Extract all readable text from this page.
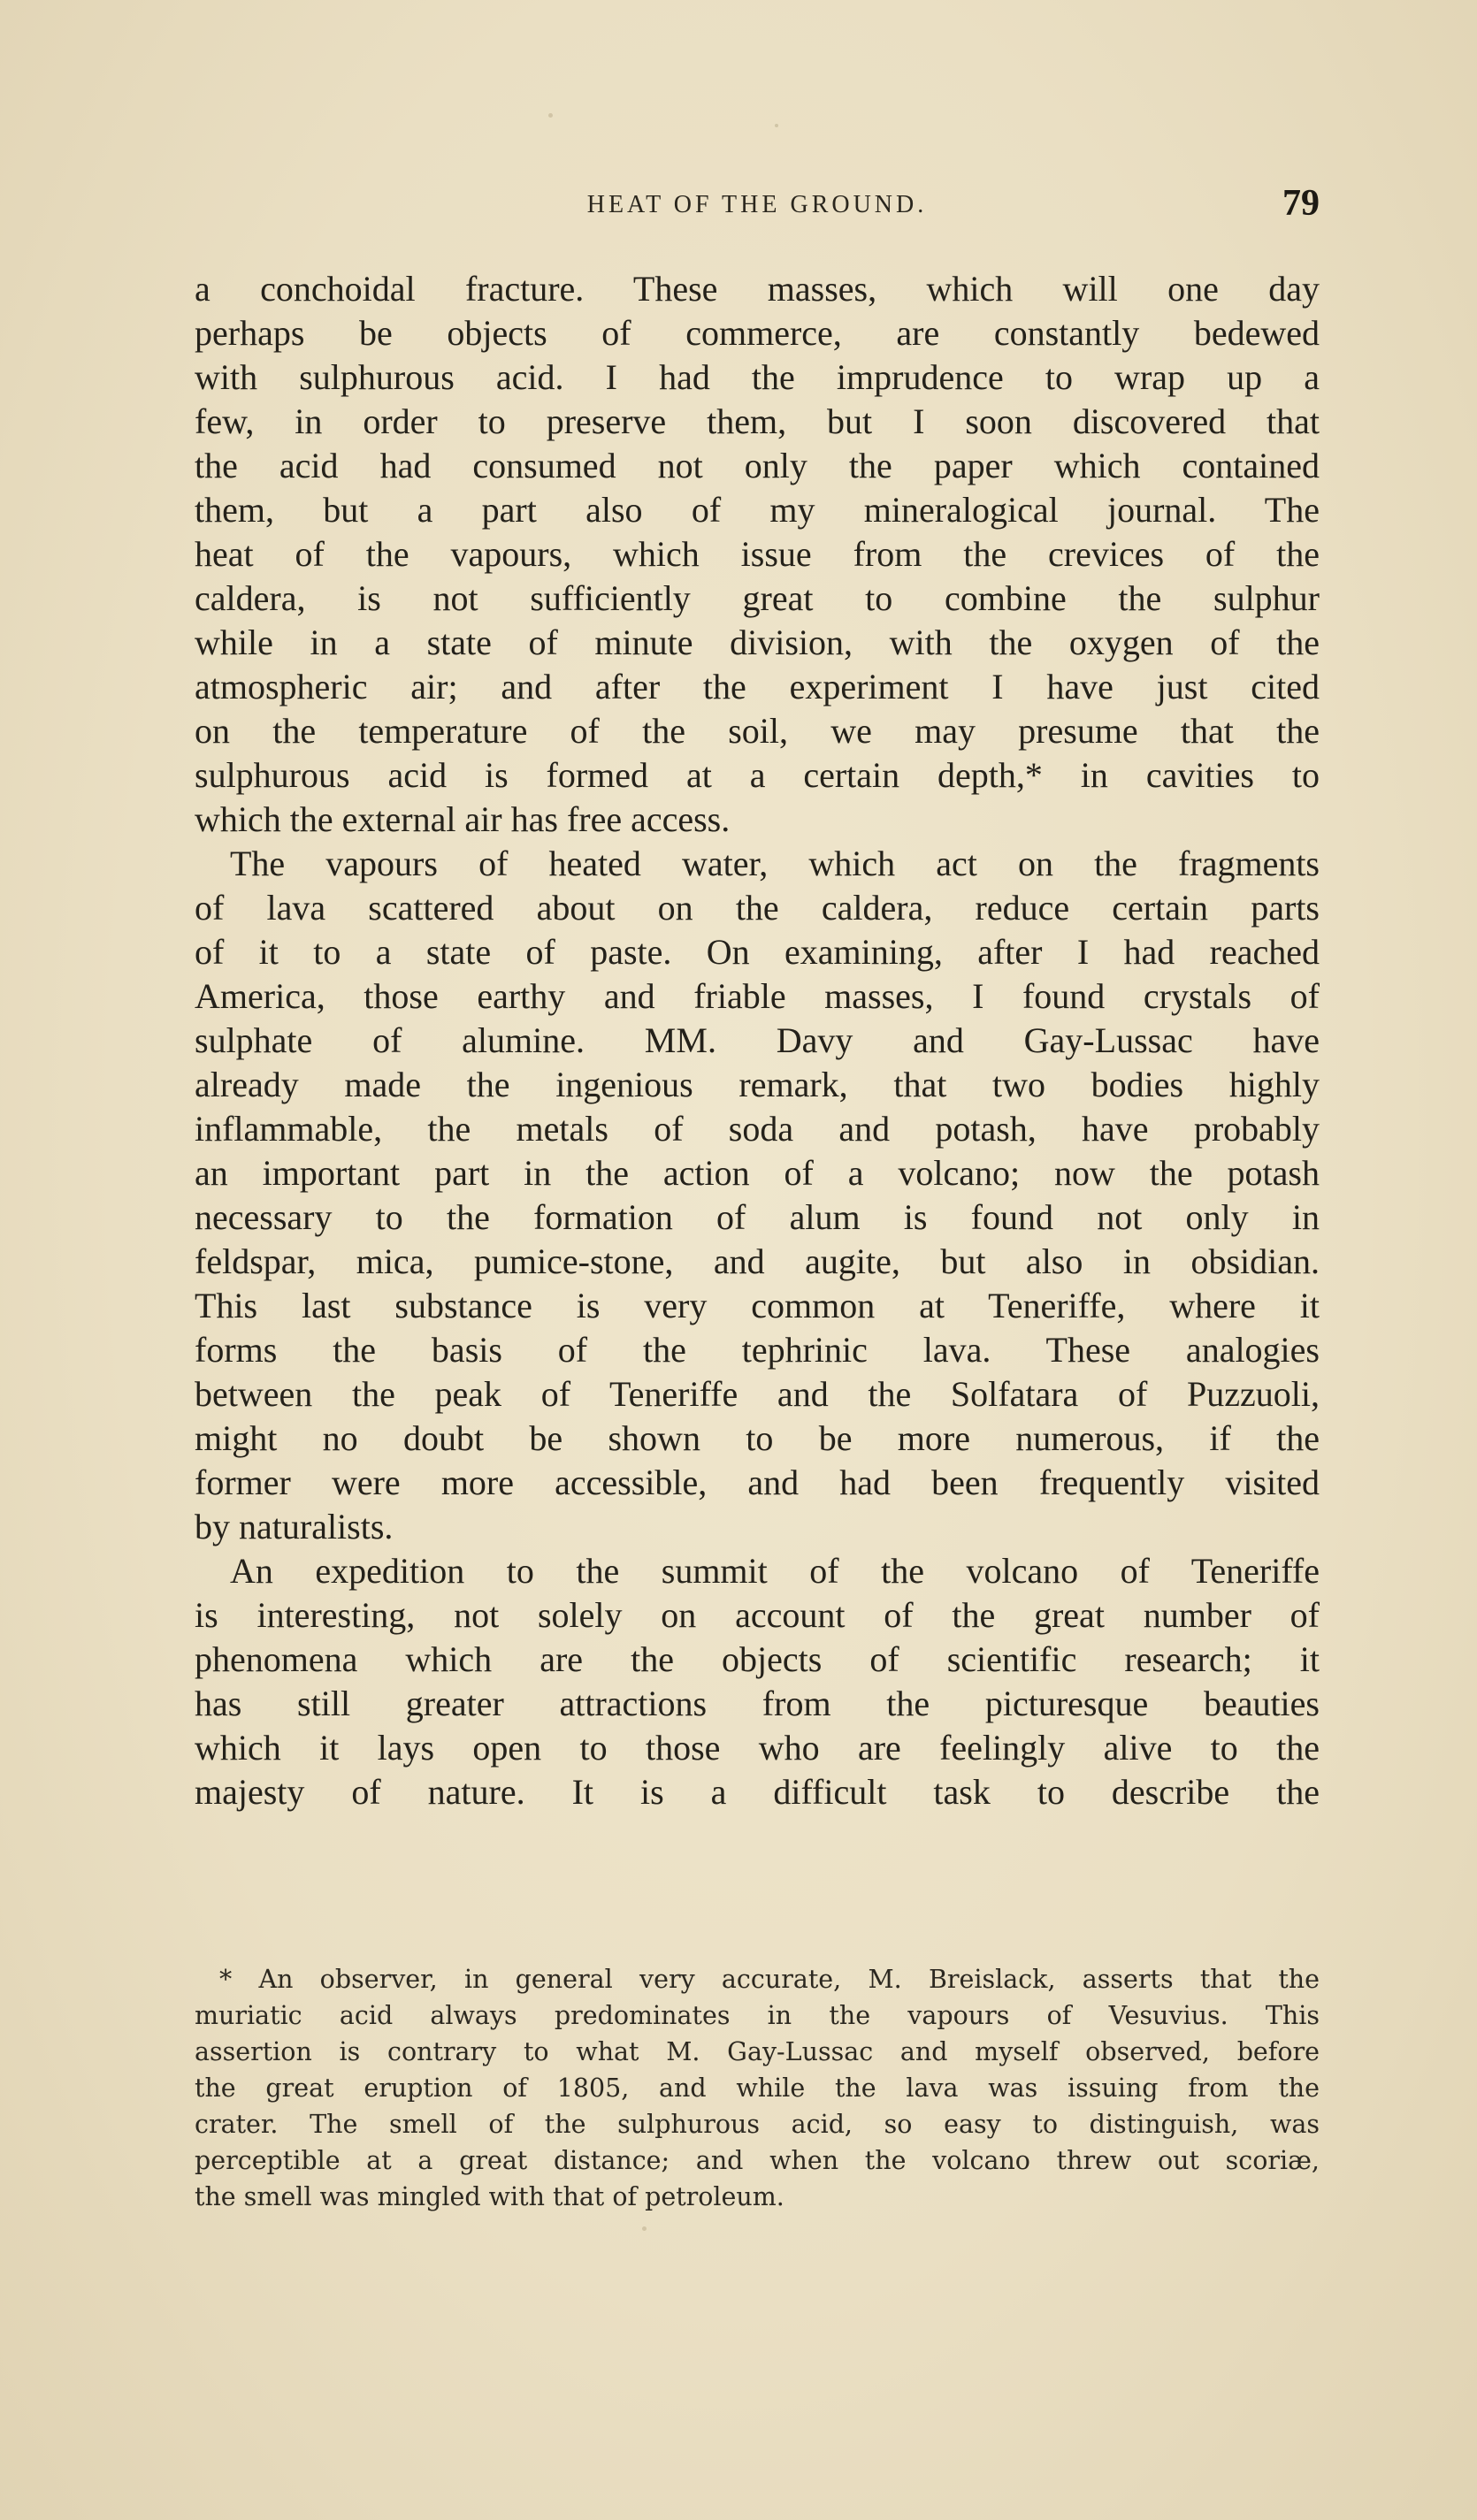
HEAT OF THE GROUND.	79
a conchoidal fracture. These masses, which will one day
perhaps be objects of commerce, are constantly bedewed
with sulphurous acid. I had the imprudence to wrap up a
few, in order to preserve them, but I soon discovered that
the acid had consumed not only the paper which contained
them, but a part also of my mineralogical journal. The
heat of the vapours, which issue from the crevices of the
caldera, is not sufficiently great to combine the sulphur
while in a state of minute division, with the oxygen of the
atmospheric air; and after the experiment I have just cited
on the temperature of the soil, we may presume that the
sulphurous acid is formed at a certain depth,* in cavities to
which the external air has free access.
The vapours of heated water, which act on the fragments
of lava scattered about on the caldera, reduce certain parts
of it to a state of paste. On examining, after I had reached
America, those earthy and friable masses, I found crystals of
sulphate of alumine. MM. Davy and Gay-Lussac have
already made the ingenious remark, that two bodies highly
inflammable, the metals of soda and potash, have probably
an important part in the action of a volcano; now the potash
necessary to the formation of alum is found not only in
feldspar, mica, pumice-stone, and augite, but also in obsidian.
This last substance is very common at Teneriffe, where it
forms the basis of the tephrinic lava. These analogies
between the peak of Teneriffe and the Solfatara of Puzzuoli,
might no doubt be shown to be more numerous, if the
former were more accessible, and had been frequently visited
by naturalists.
An expedition to the summit of the volcano of Teneriffe
is interesting, not solely on account of the great number of
phenomena which are the objects of scientific research; it
has still greater attractions from the picturesque beauties
which it lays open to those who are feelingly alive to the
majesty of nature. It is a difficult task to describe the
* An observer, in general very accurate, M. Breislack, asserts that the
muriatic acid always predominates in the vapours of Vesuvius. This
assertion is contrary to what M. Gay-Lussac and myself observed, before
the great eruption of 1805, and while the lava was issuing from the
crater. The smell of the sulphurous acid, so easy to distinguish, was
perceptible at a great distance; and when the volcano threw out scoriæ,
the smell was mingled with that of petroleum.
